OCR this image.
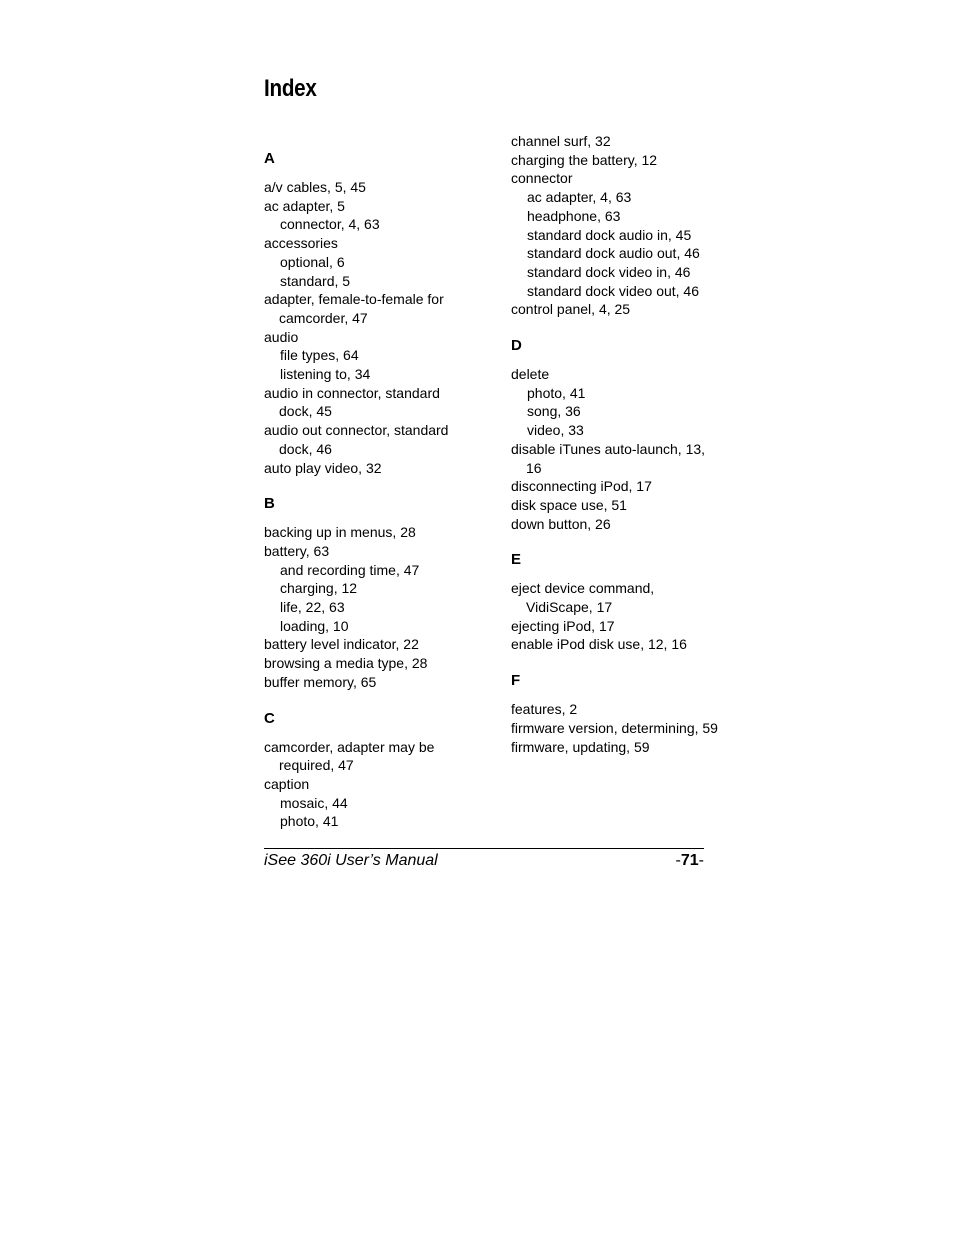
Index
A
a/v cables, 5, 45
ac adapter, 5
connector, 4, 63
accessories
optional, 6
standard, 5
adapter, female-to-female for camcorder, 47
audio
file types, 64
listening to, 34
audio in connector, standard dock, 45
audio out connector, standard dock, 46
auto play video, 32
B
backing up in menus, 28
battery, 63
and recording time, 47
charging, 12
life, 22, 63
loading, 10
battery level indicator, 22
browsing a media type, 28
buffer memory, 65
C
camcorder, adapter may be required, 47
caption
mosaic, 44
photo, 41
channel surf, 32
charging the battery, 12
connector
ac adapter, 4, 63
headphone, 63
standard dock audio in, 45
standard dock audio out, 46
standard dock video in, 46
standard dock video out, 46
control panel, 4, 25
D
delete
photo, 41
song, 36
video, 33
disable iTunes auto-launch, 13, 16
disconnecting iPod, 17
disk space use, 51
down button, 26
E
eject device command, VidiScape, 17
ejecting iPod, 17
enable iPod disk use, 12, 16
F
features, 2
firmware version, determining, 59
firmware, updating, 59
iSee 360i User’s Manual	-71-
